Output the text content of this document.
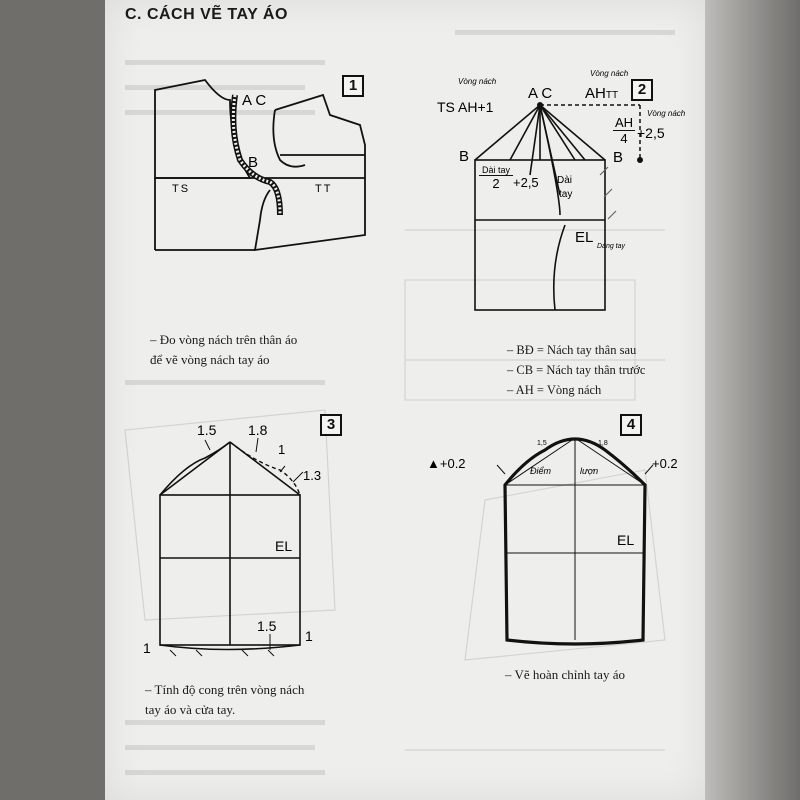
C. CÁCH VẼ TAY ÁO
1
A C
B
TS	TT
– Đo vòng nách trên thân áo
để vẽ vòng nách tay áo
2
A C
TS AH+1
AHTT
Vòng nách
Vòng nách
Vòng nách
$\frac{AH}{4} +2,5$
B	B
Dài tay
2	+2,5 Dài
tay
EL
Dáng tay
– BĐ = Nách tay thân sau
– CB = Nách tay thân trước
– AH = Vòng nách
3
1.5 1.8
1
1.3
EL
1.5
1
1
– Tính độ cong trên vòng nách
tay áo và cửa tay.
4
▲+0.2	+0.2
Điểm	lượn
1,5	1,8
EL
– Vẽ hoàn chỉnh tay áo
